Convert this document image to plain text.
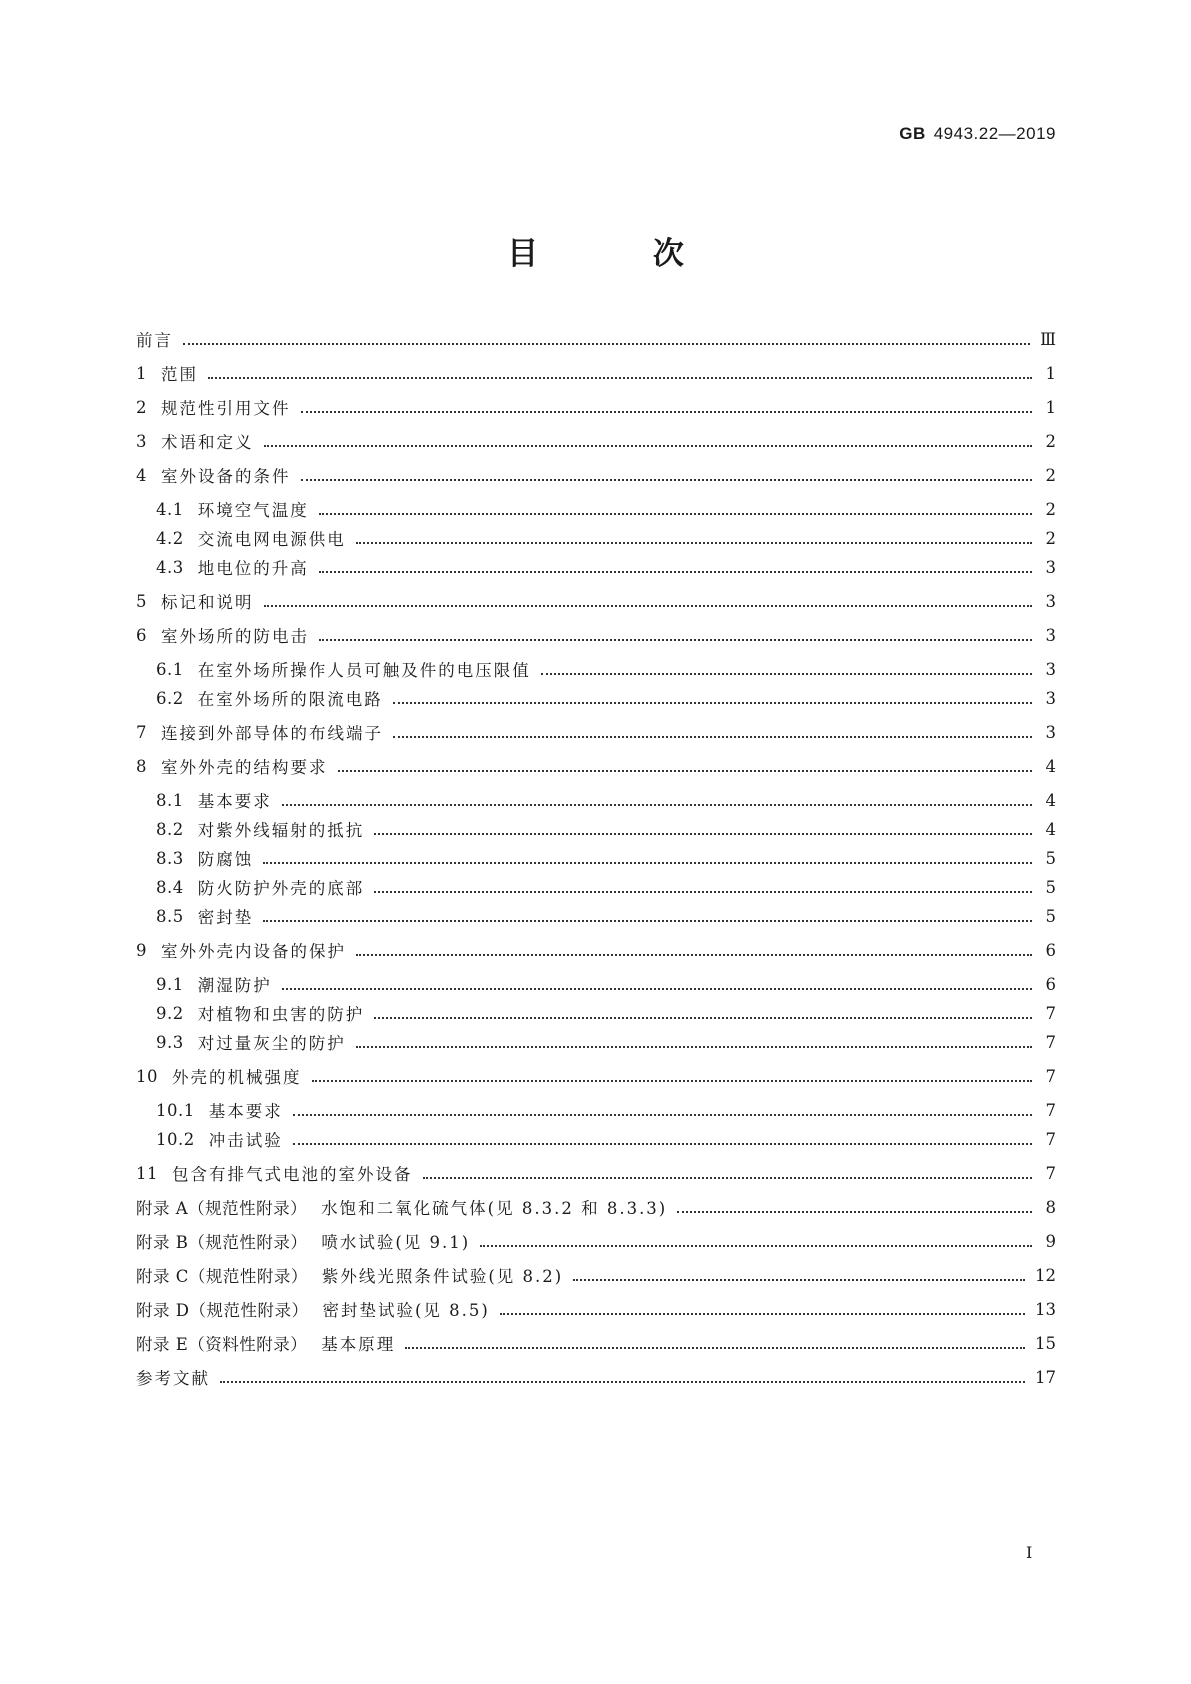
GB 4943.22—2019
目 次
前言	Ⅲ
1 范围	1
2 规范性引用文件	1
3 术语和定义	2
4 室外设备的条件	2
4.1 环境空气温度	2
4.2 交流电网电源供电	2
4.3 地电位的升高	3
5 标记和说明	3
6 室外场所的防电击	3
6.1 在室外场所操作人员可触及件的电压限值	3
6.2 在室外场所的限流电路	3
7 连接到外部导体的布线端子	3
8 室外外壳的结构要求	4
8.1 基本要求	4
8.2 对紫外线辐射的抵抗	4
8.3 防腐蚀	5
8.4 防火防护外壳的底部	5
8.5 密封垫	5
9 室外外壳内设备的保护	6
9.1 潮湿防护	6
9.2 对植物和虫害的防护	7
9.3 对过量灰尘的防护	7
10 外壳的机械强度	7
10.1 基本要求	7
10.2 冲击试验	7
11 包含有排气式电池的室外设备	7
附录 A（规范性附录） 水饱和二氧化硫气体(见 8.3.2 和 8.3.3)	8
附录 B（规范性附录） 喷水试验(见 9.1)	9
附录 C（规范性附录） 紫外线光照条件试验(见 8.2)	12
附录 D（规范性附录） 密封垫试验(见 8.5)	13
附录 E（资料性附录） 基本原理	15
参考文献	17
Ⅰ
